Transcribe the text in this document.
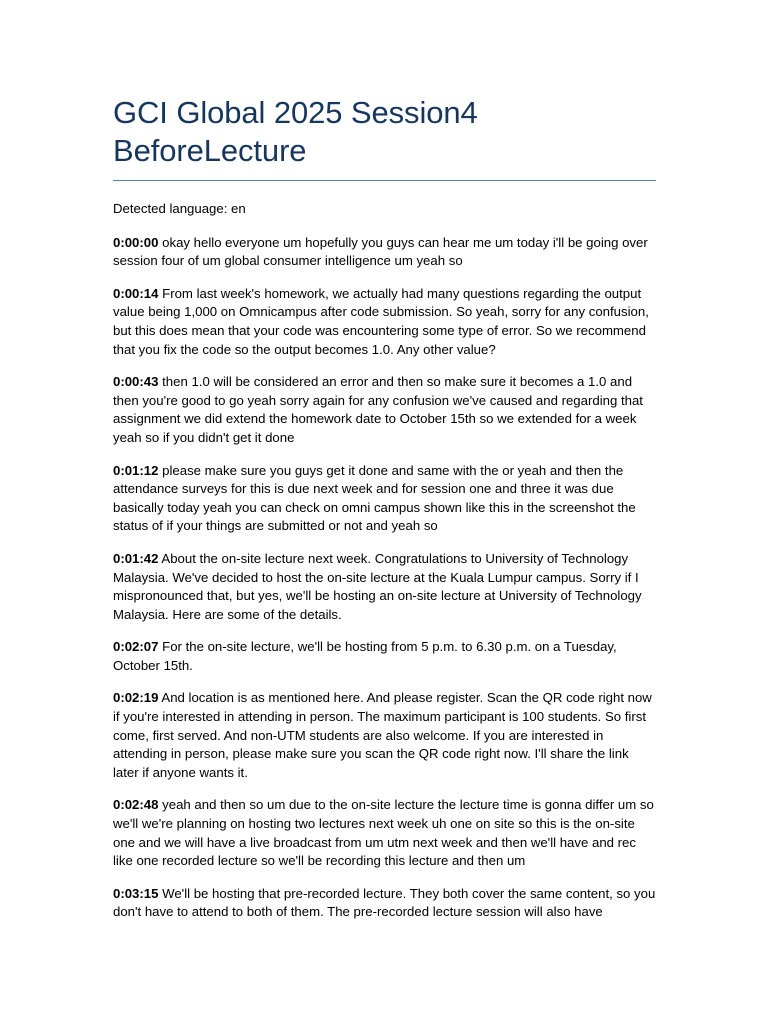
GCI Global 2025 Session4 BeforeLecture
Detected language: en
0:00:00 okay hello everyone um hopefully you guys can hear me um today i'll be going over session four of um global consumer intelligence um yeah so
0:00:14 From last week's homework, we actually had many questions regarding the output value being 1,000 on Omnicampus after code submission. So yeah, sorry for any confusion, but this does mean that your code was encountering some type of error. So we recommend that you fix the code so the output becomes 1.0. Any other value?
0:00:43 then 1.0 will be considered an error and then so make sure it becomes a 1.0 and then you're good to go yeah sorry again for any confusion we've caused and regarding that assignment we did extend the homework date to October 15th so we extended for a week yeah so if you didn't get it done
0:01:12 please make sure you guys get it done and same with the or yeah and then the attendance surveys for this is due next week and for session one and three it was due basically today yeah you can check on omni campus shown like this in the screenshot the status of if your things are submitted or not and yeah so
0:01:42 About the on-site lecture next week. Congratulations to University of Technology Malaysia. We've decided to host the on-site lecture at the Kuala Lumpur campus. Sorry if I mispronounced that, but yes, we'll be hosting an on-site lecture at University of Technology Malaysia. Here are some of the details.
0:02:07 For the on-site lecture, we'll be hosting from 5 p.m. to 6.30 p.m. on a Tuesday, October 15th.
0:02:19 And location is as mentioned here. And please register. Scan the QR code right now if you're interested in attending in person. The maximum participant is 100 students. So first come, first served. And non-UTM students are also welcome. If you are interested in attending in person, please make sure you scan the QR code right now. I'll share the link later if anyone wants it.
0:02:48 yeah and then so um due to the on-site lecture the lecture time is gonna differ um so we'll we're planning on hosting two lectures next week uh one on site so this is the on-site one and we will have a live broadcast from um utm next week and then we'll have and rec like one recorded lecture so we'll be recording this lecture and then um
0:03:15 We'll be hosting that pre-recorded lecture. They both cover the same content, so you don't have to attend to both of them. The pre-recorded lecture session will also have
